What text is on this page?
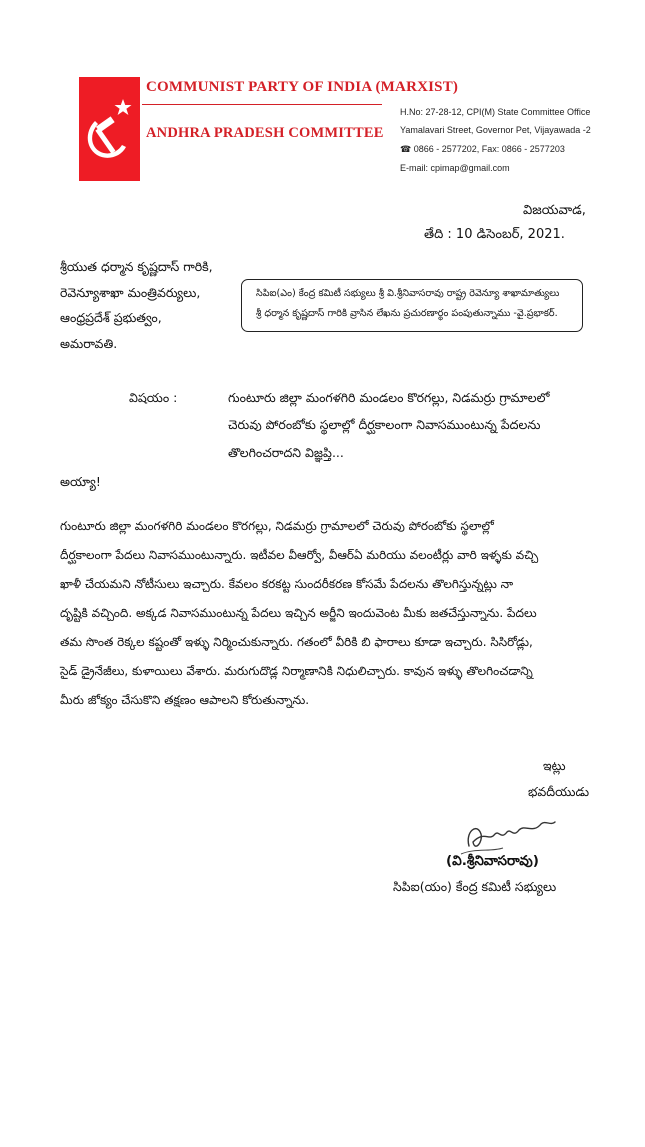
COMMUNIST PARTY OF INDIA (MARXIST)
ANDHRA PRADESH COMMITTEE
H.No: 27-28-12, CPI(M) State Committee Office
Yamalavari Street, Governor Pet, Vijayawada -2
☎ 0866 - 2577202, Fax: 0866 - 2577203
E-mail: cpimap@gmail.com
విజయవాడ,
తేది : 10 డిసెంబర్, 2021.
శ్రీయుత ధర్మాన కృష్ణదాస్ గారికి,
రెవెన్యూశాఖా మంత్రివర్యులు,
ఆంధ్రప్రదేశ్ ప్రభుత్వం,
అమరావతి.
సిపిఐ(ఎం) కేంద్ర కమిటీ సభ్యులు శ్రీ వి.శ్రీనివాసరావు రాష్ట్ర రెవెన్యూ శాఖామాత్యులు
శ్రీ ధర్మాన కృష్ణదాస్ గారికి వ్రాసిన లేఖను ప్రచురణార్థం పంపుతున్నాము -వై.ప్రభాకర్.
విషయం :	గుంటూరు జిల్లా మంగళగిరి మండలం కొరగల్లు, నిడమర్రు గ్రామాలలో
చెరువు పోరంబోకు స్థలాల్లో దీర్ఘకాలంగా నివాసముంటున్న పేదలను
తొలగించరాదని విజ్ఞప్తి...
అయ్యా!
గుంటూరు జిల్లా మంగళగిరి మండలం కొరగల్లు, నిడమర్రు గ్రామాలలో చెరువు పోరంబోకు స్థలాల్లో
దీర్ఘకాలంగా పేదలు నివాసముంటున్నారు. ఇటీవల వీఆర్వో, వీఆర్ఏ మరియు వలంటీర్లు వారి ఇళ్ళకు వచ్చి
ఖాళీ చేయమని నోటీసులు ఇచ్చారు. కేవలం కరకట్ట సుందరీకరణ కోసమే పేదలను తొలగిస్తున్నట్లు నా
దృష్టికి వచ్చింది. అక్కడ నివాసముంటున్న పేదలు ఇచ్చిన అర్జీని ఇందువెంట మీకు జతచేస్తున్నాను. పేదలు
తమ సొంత రెక్కల కష్టంతో ఇళ్ళు నిర్మించుకున్నారు. గతంలో వీరికి బి ఫారాలు కూడా ఇచ్చారు. సిసిరోడ్లు,
సైడ్ డ్రైనేజీలు, కుళాయిలు వేశారు. మరుగుదొడ్ల నిర్మాణానికి నిధులిచ్చారు. కావున ఇళ్ళు తొలగించడాన్ని
మీరు జోక్యం చేసుకొని తక్షణం ఆపాలని కోరుతున్నాను.
ఇట్లు
భవదీయుడు
(వి.శ్రీనివాసరావు)
సిపిఐ(యం) కేంద్ర కమిటీ సభ్యులు
